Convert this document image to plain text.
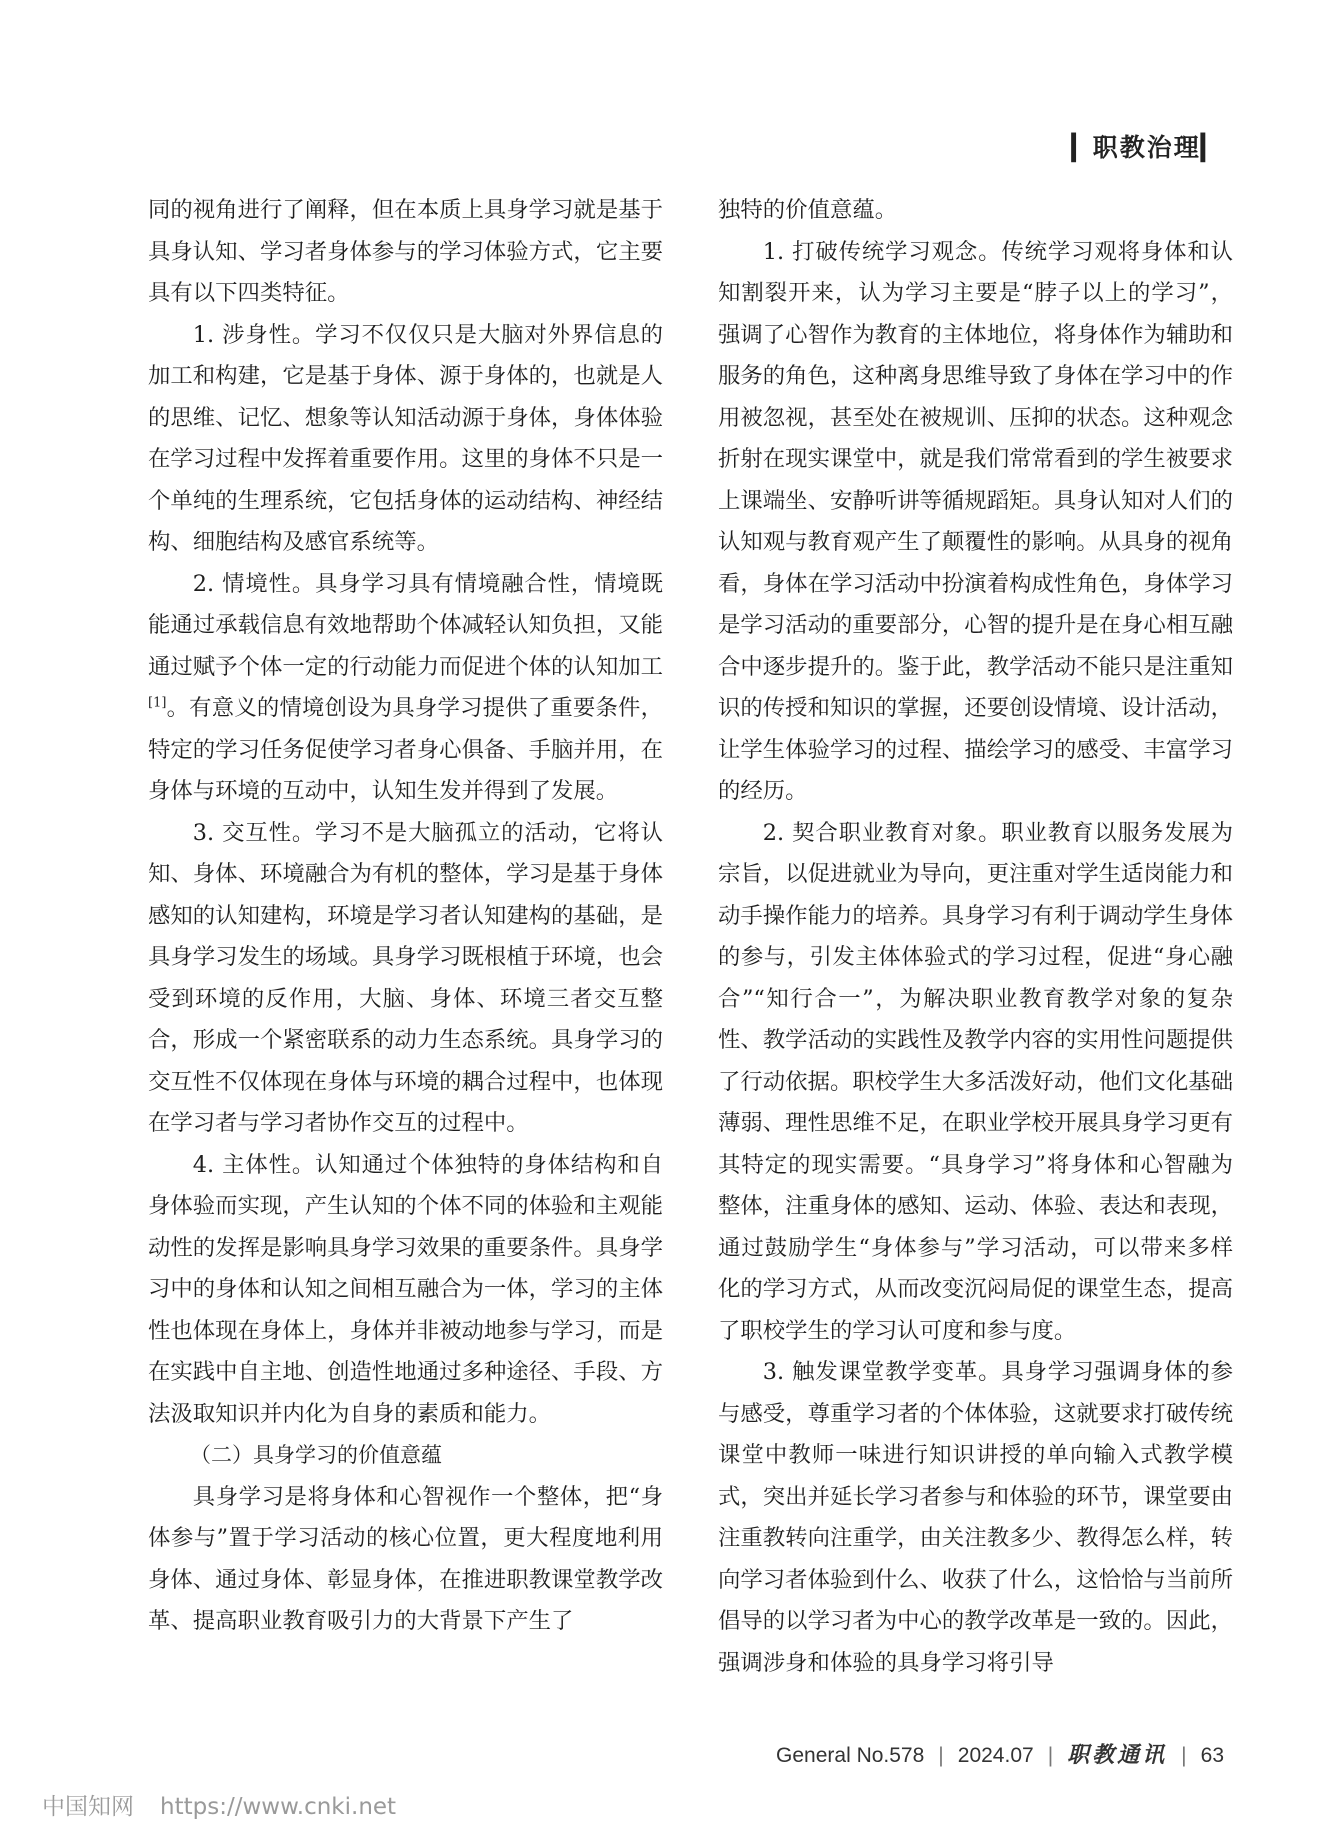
▎职教治理▎

同的视角进行了阐释，但在本质上具身学习就是基于具身认知、学习者身体参与的学习体验方式，它主要具有以下四类特征。

1. 涉身性。学习不仅仅只是大脑对外界信息的加工和构建，它是基于身体、源于身体的，也就是人的思维、记忆、想象等认知活动源于身体，身体体验在学习过程中发挥着重要作用。这里的身体不只是一个单纯的生理系统，它包括身体的运动结构、神经结构、细胞结构及感官系统等。

2. 情境性。具身学习具有情境融合性，情境既能通过承载信息有效地帮助个体减轻认知负担，又能通过赋予个体一定的行动能力而促进个体的认知加工[1]。有意义的情境创设为具身学习提供了重要条件，特定的学习任务促使学习者身心俱备、手脑并用，在身体与环境的互动中，认知生发并得到了发展。

3. 交互性。学习不是大脑孤立的活动，它将认知、身体、环境融合为有机的整体，学习是基于身体感知的认知建构，环境是学习者认知建构的基础，是具身学习发生的场域。具身学习既根植于环境，也会受到环境的反作用，大脑、身体、环境三者交互整合，形成一个紧密联系的动力生态系统。具身学习的交互性不仅体现在身体与环境的耦合过程中，也体现在学习者与学习者协作交互的过程中。

4. 主体性。认知通过个体独特的身体结构和自身体验而实现，产生认知的个体不同的体验和主观能动性的发挥是影响具身学习效果的重要条件。具身学习中的身体和认知之间相互融合为一体，学习的主体性也体现在身体上，身体并非被动地参与学习，而是在实践中自主地、创造性地通过多种途径、手段、方法汲取知识并内化为自身的素质和能力。

（二）具身学习的价值意蕴

具身学习是将身体和心智视作一个整体，把“身体参与”置于学习活动的核心位置，更大程度地利用身体、通过身体、彰显身体，在推进职教课堂教学改革、提高职业教育吸引力的大背景下产生了

独特的价值意蕴。

1. 打破传统学习观念。传统学习观将身体和认知割裂开来，认为学习主要是“脖子以上的学习”，强调了心智作为教育的主体地位，将身体作为辅助和服务的角色，这种离身思维导致了身体在学习中的作用被忽视，甚至处在被规训、压抑的状态。这种观念折射在现实课堂中，就是我们常常看到的学生被要求上课端坐、安静听讲等循规蹈矩。具身认知对人们的认知观与教育观产生了颠覆性的影响。从具身的视角看，身体在学习活动中扮演着构成性角色，身体学习是学习活动的重要部分，心智的提升是在身心相互融合中逐步提升的。鉴于此，教学活动不能只是注重知识的传授和知识的掌握，还要创设情境、设计活动，让学生体验学习的过程、描绘学习的感受、丰富学习的经历。

2. 契合职业教育对象。职业教育以服务发展为宗旨，以促进就业为导向，更注重对学生适岗能力和动手操作能力的培养。具身学习有利于调动学生身体的参与，引发主体体验式的学习过程，促进“身心融合”“知行合一”，为解决职业教育教学对象的复杂性、教学活动的实践性及教学内容的实用性问题提供了行动依据。职校学生大多活泼好动，他们文化基础薄弱、理性思维不足，在职业学校开展具身学习更有其特定的现实需要。“具身学习”将身体和心智融为整体，注重身体的感知、运动、体验、表达和表现，通过鼓励学生“身体参与”学习活动，可以带来多样化的学习方式，从而改变沉闷局促的课堂生态，提高了职校学生的学习认可度和参与度。

3. 触发课堂教学变革。具身学习强调身体的参与感受，尊重学习者的个体体验，这就要求打破传统课堂中教师一味进行知识讲授的单向输入式教学模式，突出并延长学习者参与和体验的环节，课堂要由注重教转向注重学，由关注教多少、教得怎么样，转向学习者体验到什么、收获了什么，这恰恰与当前所倡导的以学习者为中心的教学改革是一致的。因此，强调涉身和体验的具身学习将引导

General No.578 | 2024.07 | 职教通讯 | 63
中国知网 https://www.cnki.net
